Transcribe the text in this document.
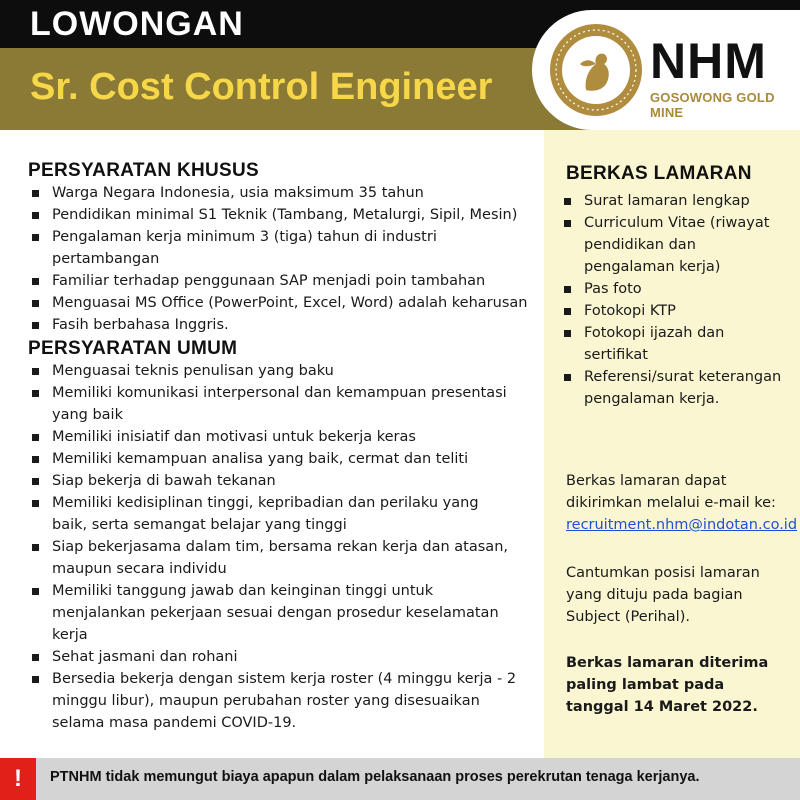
LOWONGAN
Sr. Cost Control Engineer	NHM
GOSOWONG GOLD MINE
PERSYARATAN KHUSUS
Warga Negara Indonesia, usia maksimum 35 tahun
Pendidikan minimal S1 Teknik (Tambang, Metalurgi, Sipil, Mesin)
Pengalaman kerja minimum 3 (tiga) tahun di industri pertambangan
Familiar terhadap penggunaan SAP menjadi poin tambahan
Menguasai MS Office (PowerPoint, Excel, Word) adalah keharusan
Fasih berbahasa Inggris.
PERSYARATAN UMUM
Menguasai teknis penulisan yang baku
Memiliki komunikasi interpersonal dan kemampuan presentasi yang baik
Memiliki inisiatif dan motivasi untuk bekerja keras
Memiliki kemampuan analisa yang baik, cermat dan teliti
Siap bekerja di bawah tekanan
Memiliki kedisiplinan tinggi, kepribadian dan perilaku yang baik, serta semangat belajar yang tinggi
Siap bekerjasama dalam tim, bersama rekan kerja dan atasan, maupun secara individu
Memiliki tanggung jawab dan keinginan tinggi untuk menjalankan pekerjaan sesuai dengan prosedur keselamatan kerja
Sehat jasmani dan rohani
Bersedia bekerja dengan sistem kerja roster (4 minggu kerja - 2 minggu libur), maupun perubahan roster yang disesuaikan selama masa pandemi COVID-19.
BERKAS LAMARAN
Surat lamaran lengkap
Curriculum Vitae (riwayat pendidikan dan pengalaman kerja)
Pas foto
Fotokopi KTP
Fotokopi ijazah dan sertifikat
Referensi/surat keterangan pengalaman kerja.
Berkas lamaran dapat dikirimkan melalui e-mail ke:
recruitment.nhm@indotan.co.id
Cantumkan posisi lamaran yang dituju pada bagian Subject (Perihal).
Berkas lamaran diterima paling lambat pada tanggal 14 Maret 2022.
!	PTNHM tidak memungut biaya apapun dalam pelaksanaan proses perekrutan tenaga kerjanya.
